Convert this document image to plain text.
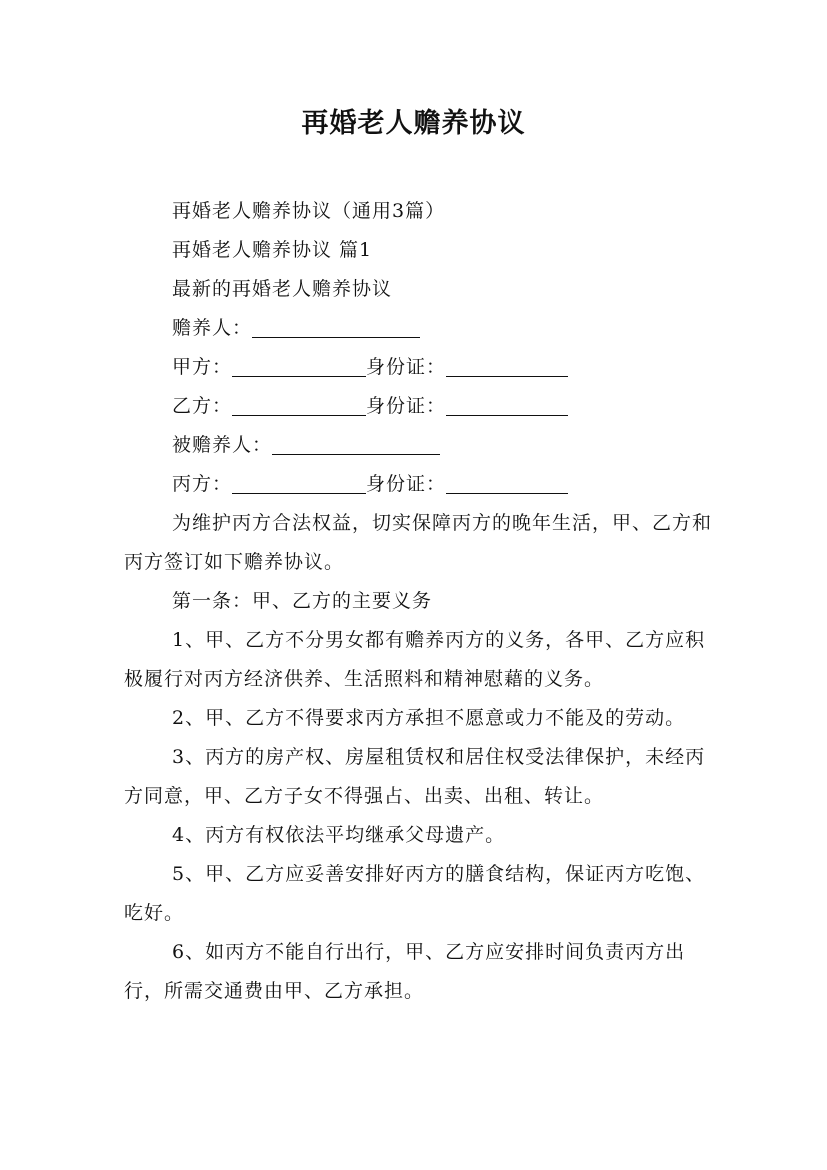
再婚老人赡养协议

再婚老人赡养协议（通用3篇）

再婚老人赡养协议 篇1

最新的再婚老人赡养协议

赡养人：

甲方：	身份证：

乙方：	身份证：

被赡养人：

丙方：	身份证：

为维护丙方合法权益，切实保障丙方的晚年生活，甲、乙方和丙方签订如下赡养协议。

第一条：甲、乙方的主要义务

1、甲、乙方不分男女都有赡养丙方的义务，各甲、乙方应积极履行对丙方经济供养、生活照料和精神慰藉的义务。

2、甲、乙方不得要求丙方承担不愿意或力不能及的劳动。

3、丙方的房产权、房屋租赁权和居住权受法律保护，未经丙方同意，甲、乙方子女不得强占、出卖、出租、转让。

4、丙方有权依法平均继承父母遗产。

5、甲、乙方应妥善安排好丙方的膳食结构，保证丙方吃饱、吃好。

6、如丙方不能自行出行，甲、乙方应安排时间负责丙方出行，所需交通费由甲、乙方承担。
